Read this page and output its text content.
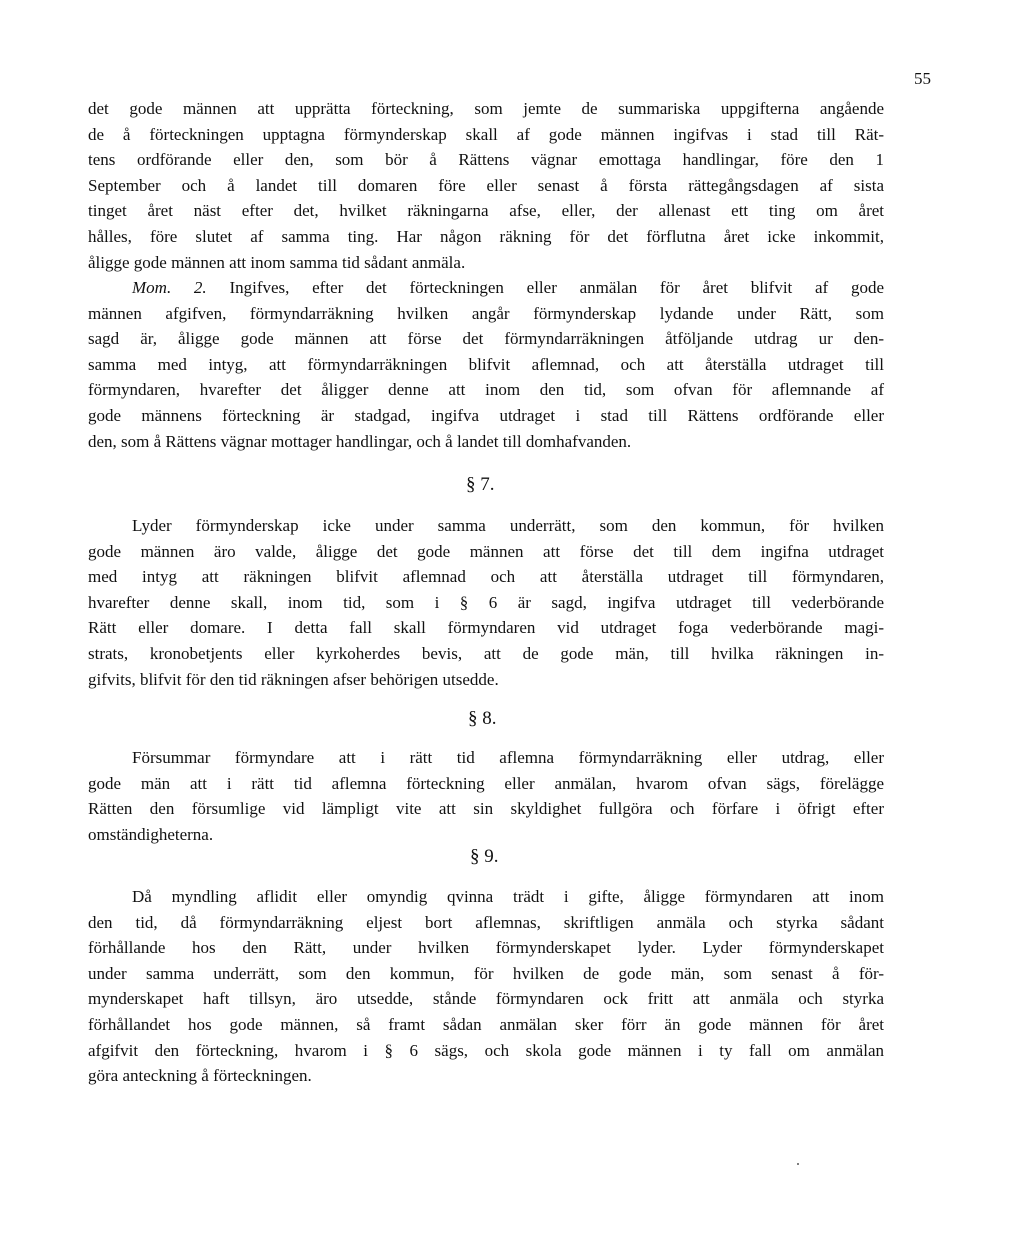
55
det gode männen att upprätta förteckning, som jemte de summariska uppgifterna angående
de å förteckningen upptagna förmynderskap skall af gode männen ingifvas i stad till Rät-
tens ordförande eller den, som bör å Rättens vägnar emottaga handlingar, före den 1
September och å landet till domaren före eller senast å första rättegångsdagen af sista
tinget året näst efter det, hvilket räkningarna afse, eller, der allenast ett ting om året
hålles, före slutet af samma ting. Har någon räkning för det förflutna året icke inkommit,
åligge gode männen att inom samma tid sådant anmäla.
Mom. 2. Ingifves, efter det förteckningen eller anmälan för året blifvit af gode
männen afgifven, förmyndarräkning hvilken angår förmynderskap lydande under Rätt, som
sagd är, åligge gode männen att förse det förmyndarräkningen åtföljande utdrag ur den-
samma med intyg, att förmyndarräkningen blifvit aflemnad, och att återställa utdraget till
förmyndaren, hvarefter det åligger denne att inom den tid, som ofvan för aflemnande af
gode männens förteckning är stadgad, ingifva utdraget i stad till Rättens ordförande eller
den, som å Rättens vägnar mottager handlingar, och å landet till domhafvanden.
§ 7.
Lyder förmynderskap icke under samma underrätt, som den kommun, för hvilken
gode männen äro valde, åligge det gode männen att förse det till dem ingifna utdraget
med intyg att räkningen blifvit aflemnad och att återställa utdraget till förmyndaren,
hvarefter denne skall, inom tid, som i § 6 är sagd, ingifva utdraget till vederbörande
Rätt eller domare. I detta fall skall förmyndaren vid utdraget foga vederbörande magi-
strats, kronobetjents eller kyrkoherdes bevis, att de gode män, till hvilka räkningen in-
gifvits, blifvit för den tid räkningen afser behörigen utsedde.
§ 8.
Försummar förmyndare att i rätt tid aflemna förmyndarräkning eller utdrag, eller
gode män att i rätt tid aflemna förteckning eller anmälan, hvarom ofvan sägs, förelägge
Rätten den försumlige vid lämpligt vite att sin skyldighet fullgöra och förfare i öfrigt efter
omständigheterna.
§ 9.
Då myndling aflidit eller omyndig qvinna trädt i gifte, åligge förmyndaren att inom
den tid, då förmyndarräkning eljest bort aflemnas, skriftligen anmäla och styrka sådant
förhållande hos den Rätt, under hvilken förmynderskapet lyder. Lyder förmynderskapet
under samma underrätt, som den kommun, för hvilken de gode män, som senast å för-
mynderskapet haft tillsyn, äro utsedde, stånde förmyndaren ock fritt att anmäla och styrka
förhållandet hos gode männen, så framt sådan anmälan sker förr än gode männen för året
afgifvit den förteckning, hvarom i § 6 sägs, och skola gode männen i ty fall om anmälan
göra anteckning å förteckningen.
